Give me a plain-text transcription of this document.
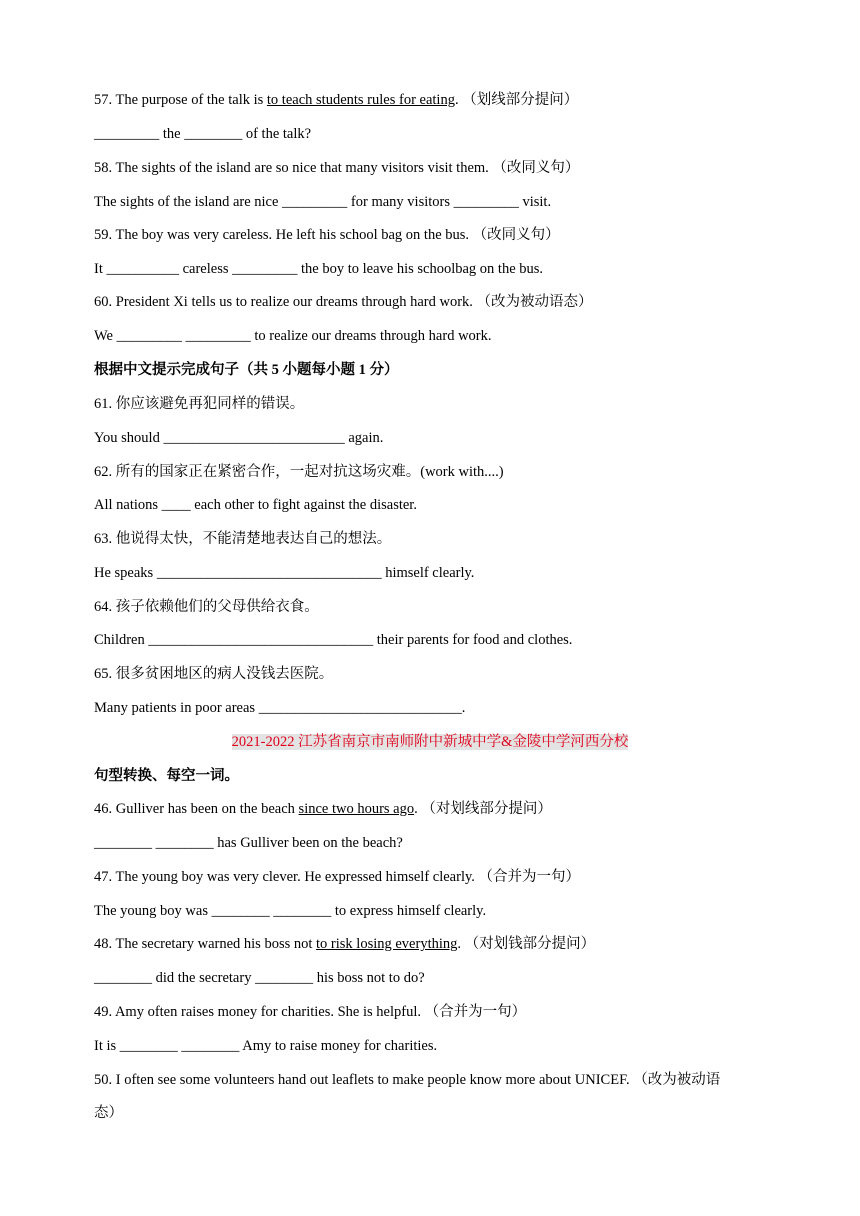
57. The purpose of the talk is to teach students rules for eating. （划线部分提问）
_________ the ________ of the talk?
58. The sights of the island are so nice that many visitors visit them. （改同义句）
The sights of the island are nice _________ for many visitors _________ visit.
59. The boy was very careless. He left his school bag on the bus. （改同义句）
It __________ careless _________ the boy to leave his schoolbag on the bus.
60. President Xi tells us to realize our dreams through hard work. （改为被动语态）
We _________ _________ to realize our dreams through hard work.
根据中文提示完成句子（共 5 小题每小题 1 分）
61. 你应该避免再犯同样的错误。
You should _________________________ again.
62. 所有的国家正在紧密合作，一起对抗这场灾难。(work with....)
All nations ____ each other to fight against the disaster.
63. 他说得太快，不能清楚地表达自己的想法。
He speaks _______________________________ himself clearly.
64. 孩子依赖他们的父母供给衣食。
Children _______________________________ their parents for food and clothes.
65. 很多贫困地区的病人没钱去医院。
Many patients in poor areas ____________________________.
2021-2022 江苏省南京市南师附中新城中学&金陵中学河西分校
句型转换、每空一词。
46. Gulliver has been on the beach since two hours ago. （对划线部分提问）
________ ________ has Gulliver been on the beach?
47. The young boy was very clever. He expressed himself clearly. （合并为一句）
The young boy was ________ ________ to express himself clearly.
48. The secretary warned his boss not to risk losing everything. （对划钱部分提问）
________ did the secretary ________ his boss not to do?
49. Amy often raises money for charities. She is helpful. （合并为一句）
It is ________ ________ Amy to raise money for charities.
50. I often see some volunteers hand out leaflets to make people know more about UNICEF. （改为被动语
态）
